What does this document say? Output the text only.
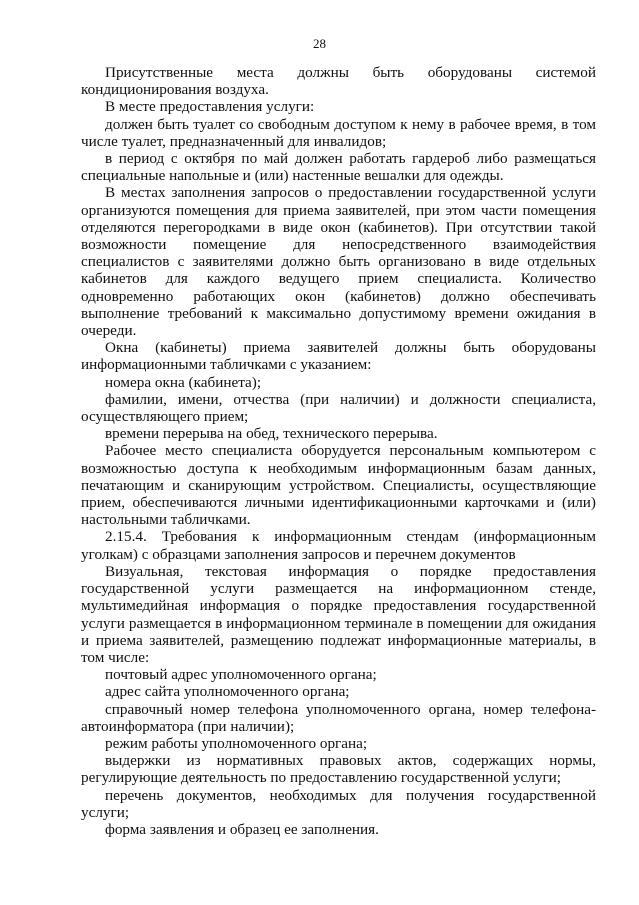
28

Присутственные места должны быть оборудованы системой кондиционирования воздуха.

В месте предоставления услуги:

должен быть туалет со свободным доступом к нему в рабочее время, в том числе туалет, предназначенный для инвалидов;

в период с октября по май должен работать гардероб либо размещаться специальные напольные и (или) настенные вешалки для одежды.

В местах заполнения запросов о предоставлении государственной услуги организуются помещения для приема заявителей, при этом части помещения отделяются перегородками в виде окон (кабинетов). При отсутствии такой возможности помещение для непосредственного взаимодействия специалистов с заявителями должно быть организовано в виде отдельных кабинетов для каждого ведущего прием специалиста. Количество одновременно работающих окон (кабинетов) должно обеспечивать выполнение требований к максимально допустимому времени ожидания в очереди.

Окна (кабинеты) приема заявителей должны быть оборудованы информационными табличками с указанием:

номера окна (кабинета);

фамилии, имени, отчества (при наличии) и должности специалиста, осуществляющего прием;

времени перерыва на обед, технического перерыва.

Рабочее место специалиста оборудуется персональным компьютером с возможностью доступа к необходимым информационным базам данных, печатающим и сканирующим устройством. Специалисты, осуществляющие прием, обеспечиваются личными идентификационными карточками и (или) настольными табличками.

2.15.4. Требования к информационным стендам (информационным уголкам) с образцами заполнения запросов и перечнем документов

Визуальная, текстовая информация о порядке предоставления государственной услуги размещается на информационном стенде, мультимедийная информация о порядке предоставления государственной услуги размещается в информационном терминале в помещении для ожидания и приема заявителей, размещению подлежат информационные материалы, в том числе:

почтовый адрес уполномоченного органа;

адрес сайта уполномоченного органа;

справочный номер телефона уполномоченного органа, номер телефона-автоинформатора (при наличии);

режим работы уполномоченного органа;

выдержки из нормативных правовых актов, содержащих нормы, регулирующие деятельность по предоставлению государственной услуги;

перечень документов, необходимых для получения государственной услуги;

форма заявления и образец ее заполнения.
